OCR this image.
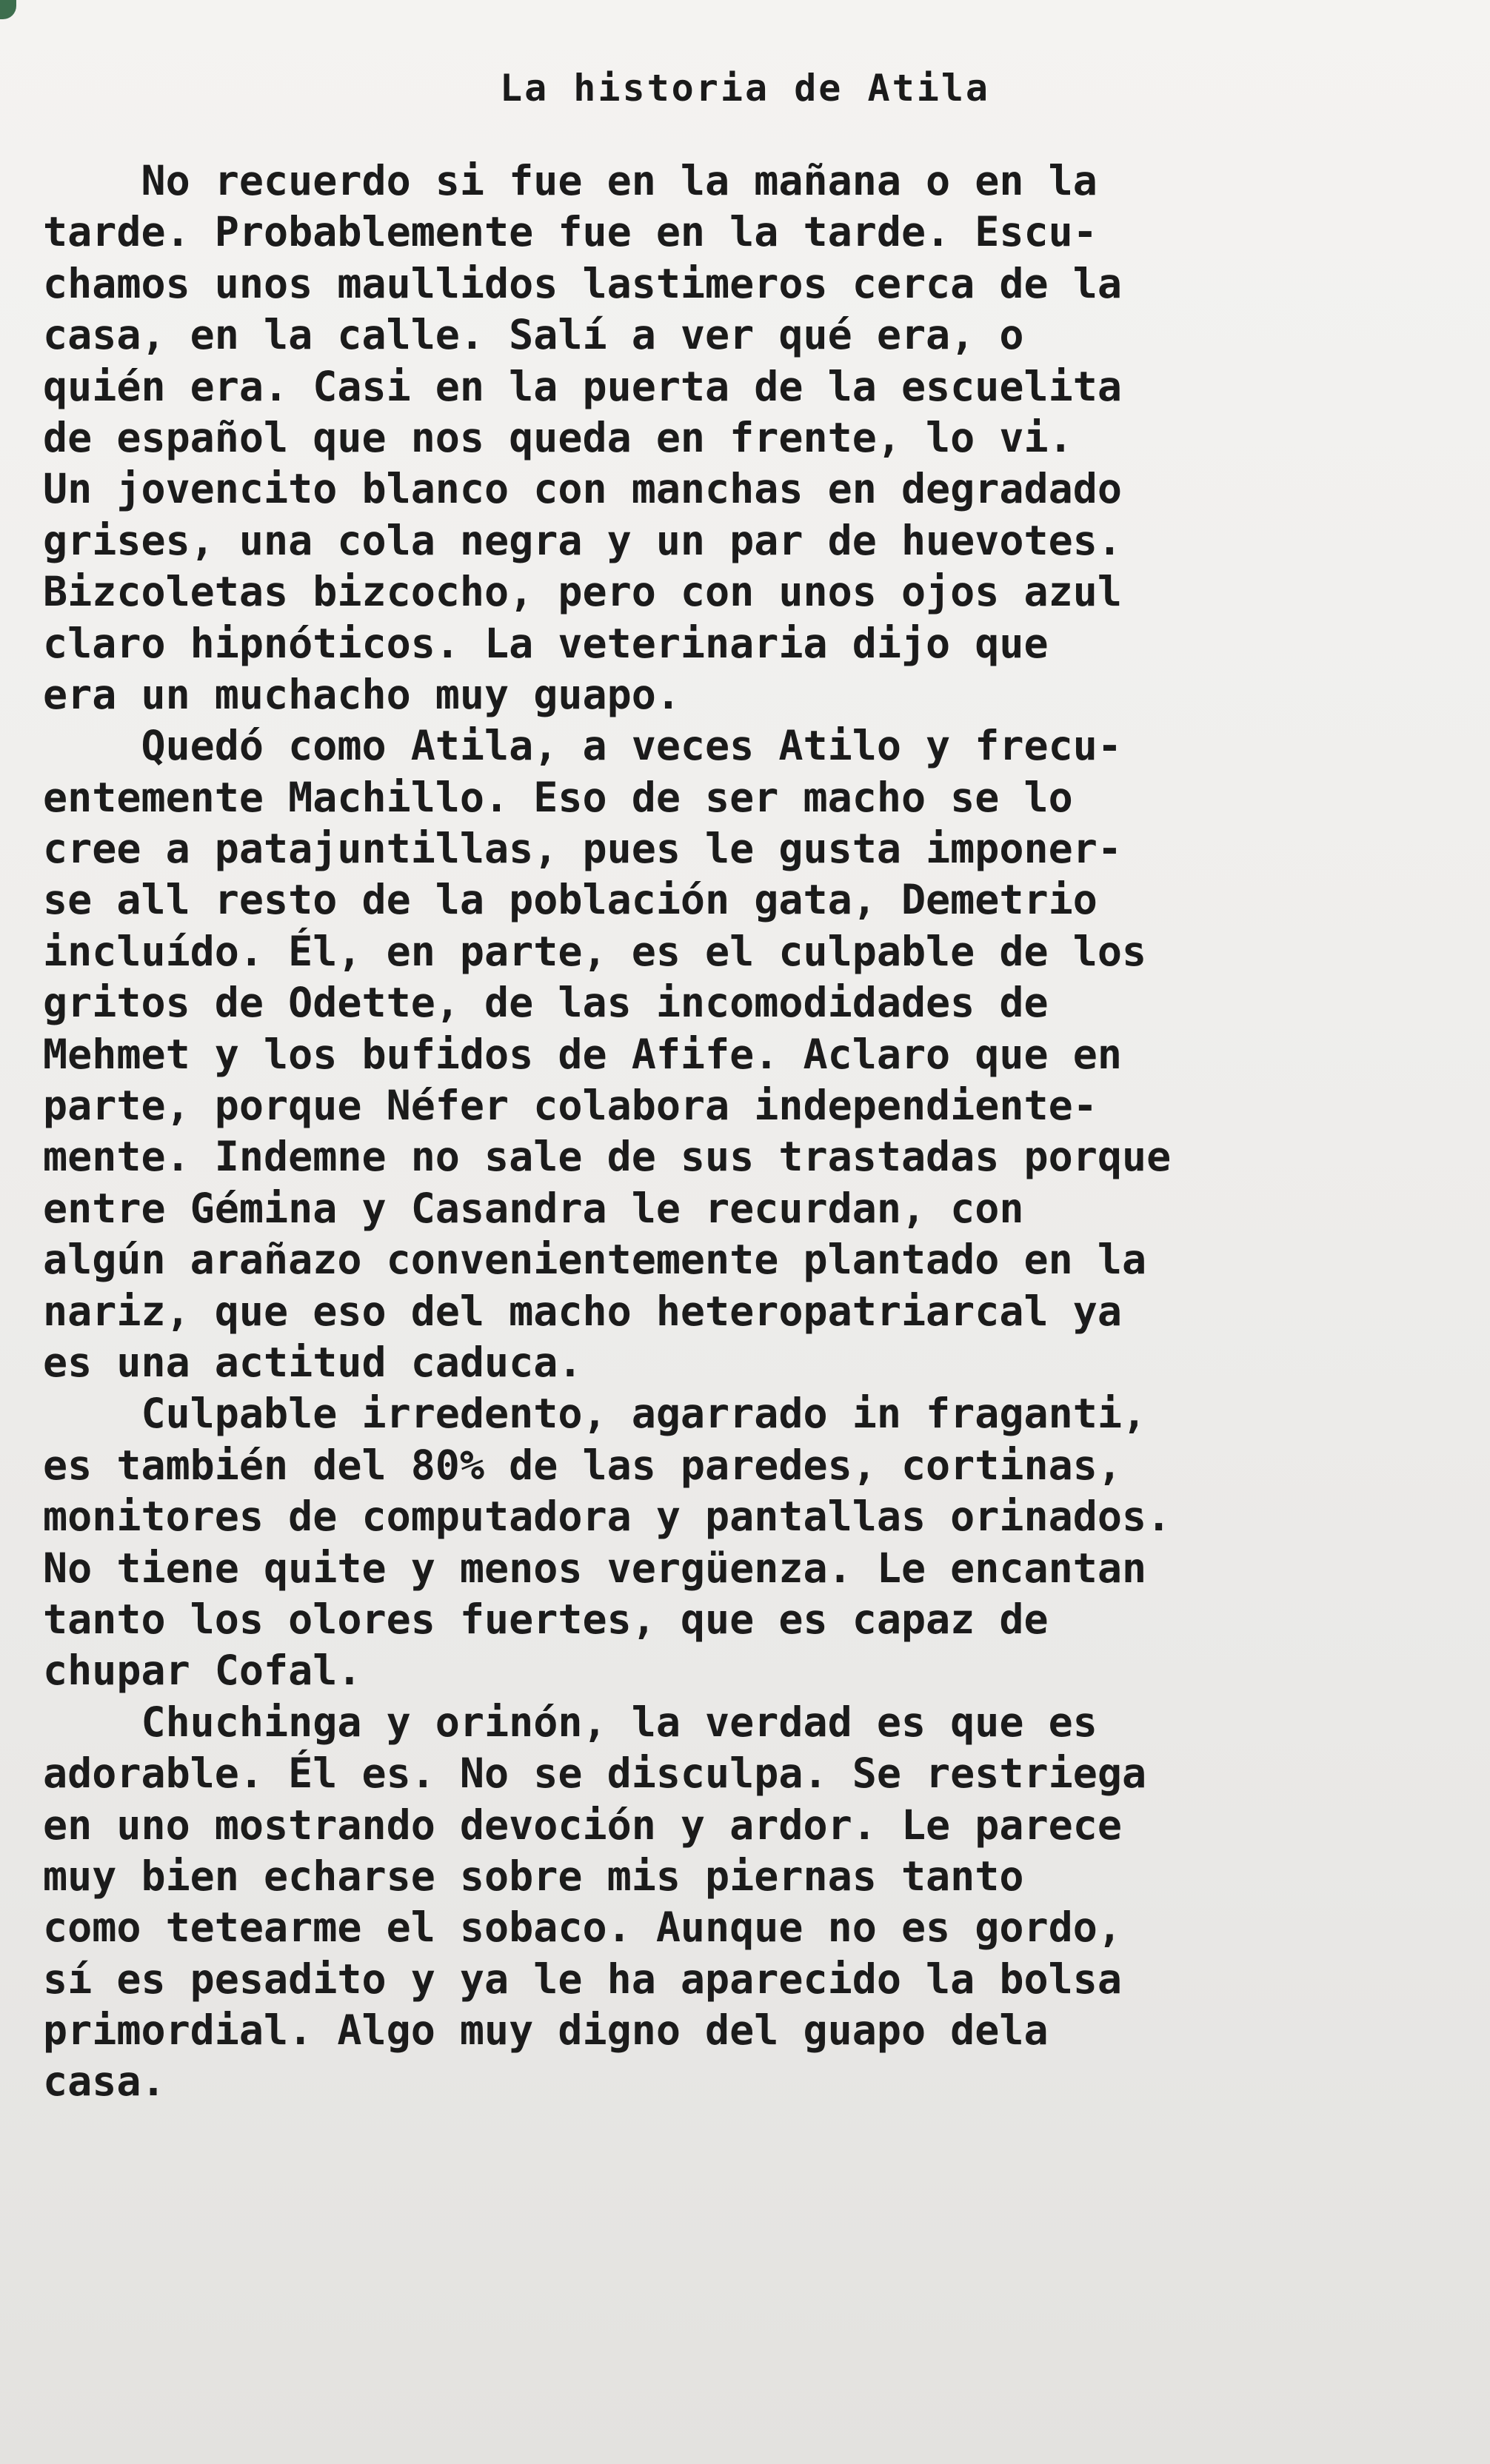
La historia de Atila
No recuerdo si fue en la mañana o en la
tarde. Probablemente fue en la tarde. Escu-
chamos unos maullidos lastimeros cerca de la
casa, en la calle. Salí a ver qué era, o
quién era. Casi en la puerta de la escuelita
de español que nos queda en frente, lo vi.
Un jovencito blanco con manchas en degradado
grises, una cola negra y un par de huevotes.
Bizcoletas bizcocho, pero con unos ojos azul
claro hipnóticos. La veterinaria dijo que
era un muchacho muy guapo.
Quedó como Atila, a veces Atilo y frecu-
entemente Machillo. Eso de ser macho se lo
cree a patajuntillas, pues le gusta imponer-
se all resto de la población gata, Demetrio
incluído. Él, en parte, es el culpable de los
gritos de Odette, de las incomodidades de
Mehmet y los bufidos de Afife. Aclaro que en
parte, porque Néfer colabora independiente-
mente. Indemne no sale de sus trastadas porque
entre Gémina y Casandra le recurdan, con
algún arañazo convenientemente plantado en la
nariz, que eso del macho heteropatriarcal ya
es una actitud caduca.
Culpable irredento, agarrado in fraganti,
es también del 80% de las paredes, cortinas,
monitores de computadora y pantallas orinados.
No tiene quite y menos vergüenza. Le encantan
tanto los olores fuertes, que es capaz de
chupar Cofal.
Chuchinga y orinón, la verdad es que es
adorable. Él es. No se disculpa. Se restriega
en uno mostrando devoción y ardor. Le parece
muy bien echarse sobre mis piernas tanto
como tetearme el sobaco. Aunque no es gordo,
sí es pesadito y ya le ha aparecido la bolsa
primordial. Algo muy digno del guapo dela
casa.
